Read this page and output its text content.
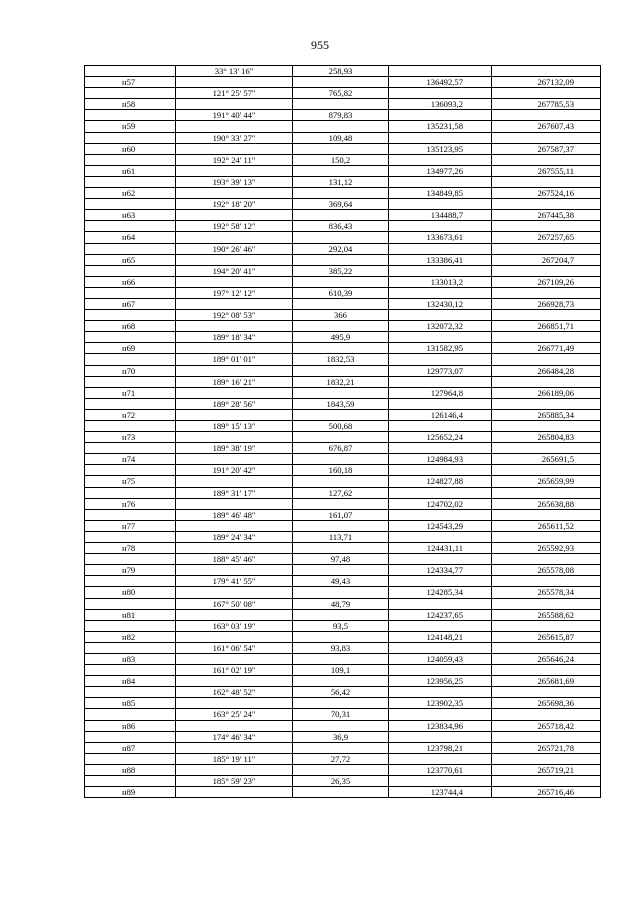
955
	33° 13' 16"	258,93		
н57			136492,57	267132,09
	121° 25' 57"	765,82		
н58			136093,2	267785,53
	191° 40' 44"	879,83		
н59			135231,58	267607,43
	190° 33' 27"	109,48		
н60			135123,95	267587,37
	192° 24' 11"	150,2		
н61			134977,26	267555,11
	193° 39' 13"	131,12		
н62			134849,85	267524,16
	192° 18' 20"	369,64		
н63			134488,7	267445,38
	192° 58' 12"	836,43		
н64			133673,61	267257,65
	190° 26' 46"	292,04		
н65			133386,41	267204,7
	194° 20' 41"	385,22		
н66			133013,2	267109,26
	197° 12' 12"	610,39		
н67			132430,12	266928,73
	192° 08' 53"	366		
н68			132072,32	266851,71
	189° 18' 34"	495,9		
н69			131582,95	266771,49
	189° 01' 01"	1832,53		
н70			129773,07	266484,28
	189° 16' 21"	1832,21		
н71			127964,8	266189,06
	189° 28' 56"	1843,59		
н72			126146,4	265885,34
	189° 15' 13"	500,68		
н73			125652,24	265804,83
	189° 38' 19"	676,87		
н74			124984,93	265691,5
	191° 20' 42"	160,18		
н75			124827,88	265659,99
	189° 31' 17"	127,62		
н76			124702,02	265638,88
	189° 46' 48"	161,07		
н77			124543,29	265611,52
	189° 24' 34"	113,71		
н78			124431,11	265592,93
	188° 45' 46"	97,48		
н79			124334,77	265578,08
	179° 41' 55"	49,43		
н80			124285,34	265578,34
	167° 50' 08"	48,79		
н81			124237,65	265588,62
	163° 03' 19"	93,5		
н82			124148,21	265615,87
	161° 06' 54"	93,83		
н83			124059,43	265646,24
	161° 02' 19"	109,1		
н84			123956,25	265681,69
	162° 48' 52"	56,42		
н85			123902,35	265698,36
	163° 25' 24"	70,31		
н86			123834,96	265718,42
	174° 46' 34"	36,9		
н87			123798,21	265721,78
	185° 19' 11"	27,72		
н88			123770,61	265719,21
	185° 59' 23"	26,35		
н89			123744,4	265716,46
